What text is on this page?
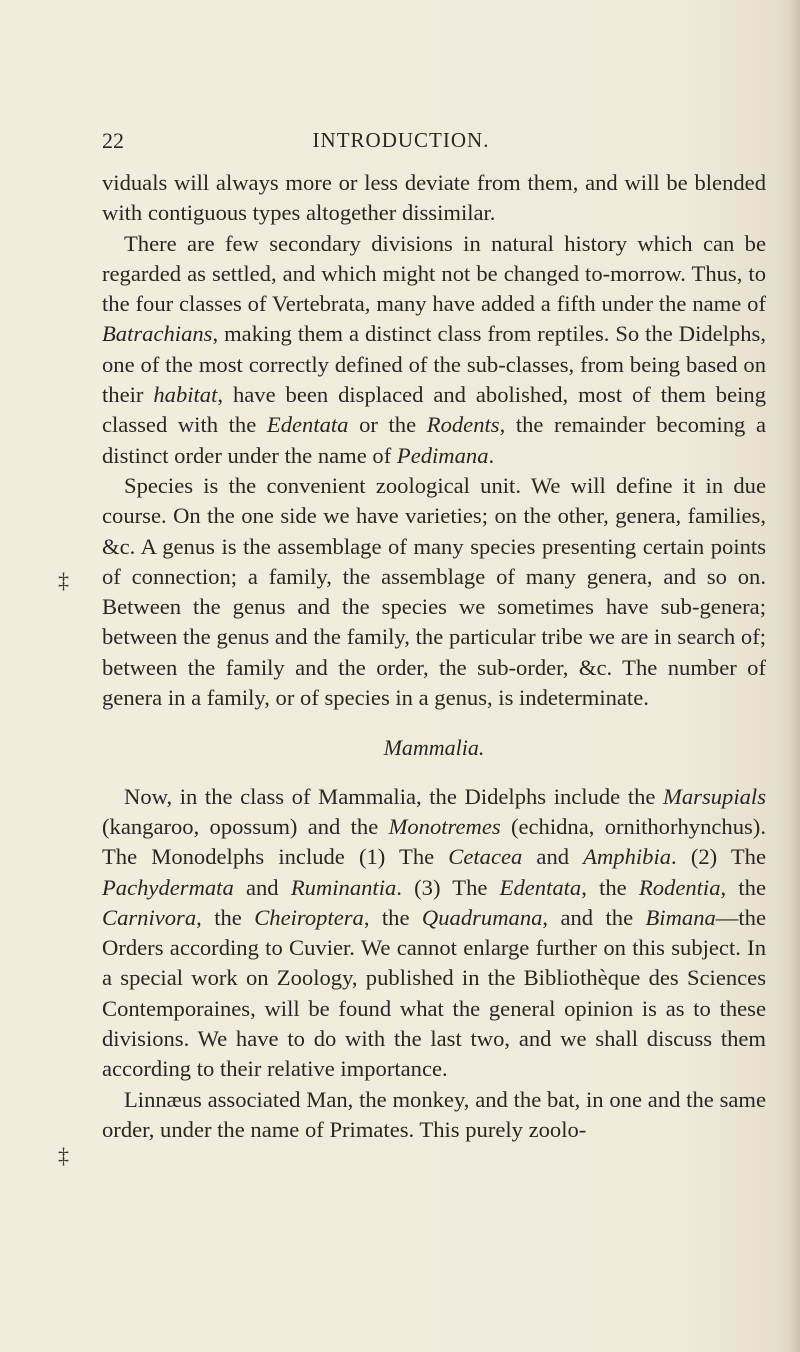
22	INTRODUCTION.
‡
‡

viduals will always more or less deviate from them, and will be blended with contiguous types altogether dissimilar.

There are few secondary divisions in natural history which can be regarded as settled, and which might not be changed to-morrow. Thus, to the four classes of Vertebrata, many have added a fifth under the name of Batrachians, making them a distinct class from reptiles. So the Didelphs, one of the most correctly defined of the sub-classes, from being based on their habitat, have been displaced and abolished, most of them being classed with the Edentata or the Rodents, the remainder becoming a distinct order under the name of Pedimana.

Species is the convenient zoological unit. We will define it in due course. On the one side we have varieties; on the other, genera, families, &c. A genus is the assemblage of many species presenting certain points of connection; a family, the assemblage of many genera, and so on. Between the genus and the species we sometimes have sub-genera; between the genus and the family, the particular tribe we are in search of; between the family and the order, the sub-order, &c. The number of genera in a family, or of species in a genus, is indeterminate.

Mammalia.

Now, in the class of Mammalia, the Didelphs include the Marsupials (kangaroo, opossum) and the Monotremes (echidna, ornithorhynchus). The Monodelphs include (1) The Cetacea and Amphibia. (2) The Pachydermata and Ruminantia. (3) The Edentata, the Rodentia, the Carnivora, the Cheiroptera, the Quadrumana, and the Bimana—the Orders according to Cuvier. We cannot enlarge further on this subject. In a special work on Zoology, published in the Bibliothèque des Sciences Contemporaines, will be found what the general opinion is as to these divisions. We have to do with the last two, and we shall discuss them according to their relative importance.

Linnæus associated Man, the monkey, and the bat, in one and the same order, under the name of Primates. This purely zoolo-
